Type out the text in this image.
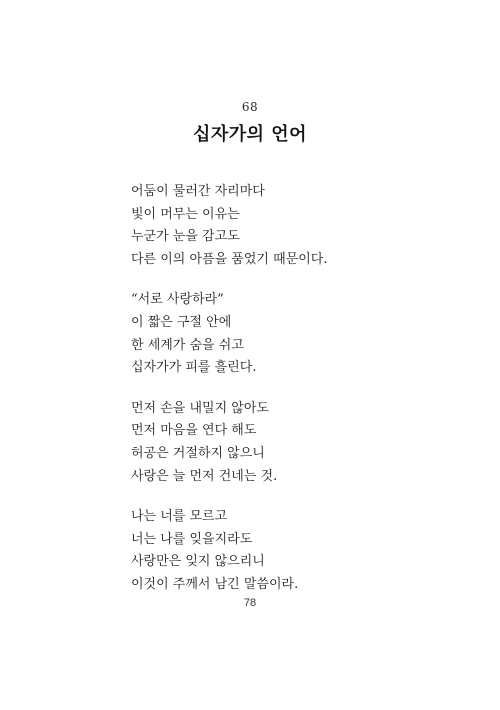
68
십자가의 언어
어둠이 물러간 자리마다
빛이 머무는 이유는
누군가 눈을 감고도
다른 이의 아픔을 품었기 때문이다.
“서로 사랑하라”
이 짧은 구절 안에
한 세계가 숨을 쉬고
십자가가 피를 흘린다.
먼저 손을 내밀지 않아도
먼저 마음을 연다 해도
허공은 거절하지 않으니
사랑은 늘 먼저 건네는 것.
나는 너를 모르고
너는 나를 잊을지라도
사랑만은 잊지 않으리니
이것이 주께서 남긴 말씀이라.
78
